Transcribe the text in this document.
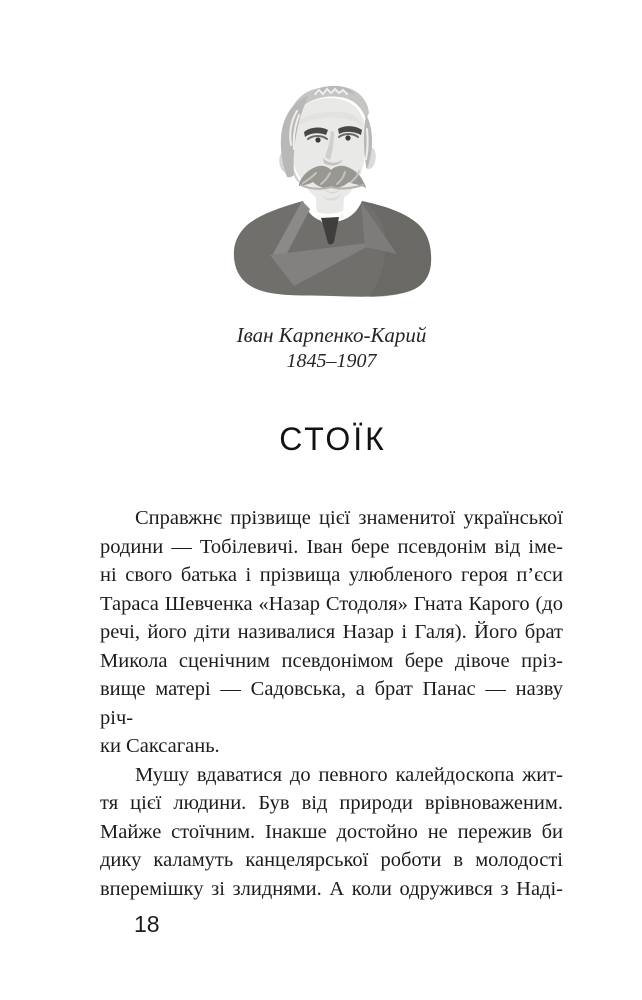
Іван Карпенко-Карий
1845–1907
СТОЇК
Справжнє прізвище цієї знаменитої української
родини — Тобілевичі. Іван бере псевдонім від іме-
ні свого батька і прізвища улюбленого героя п’єси
Тараса Шевченка «Назар Стодоля» Гната Карого (до
речі, його діти називалися Назар і Галя). Його брат
Микола сценічним псевдонімом бере дівоче пріз-
вище матері — Садовська, а брат Панас — назву річ-
ки Саксагань.
Мушу вдаватися до певного калейдоскопа жит-
тя цієї людини. Був від природи врівноваженим.
Майже стоїчним. Інакше достойно не пережив би
дику каламуть канцелярської роботи в молодості
вперемішку зі злиднями. А коли одружився з Наді-
18
